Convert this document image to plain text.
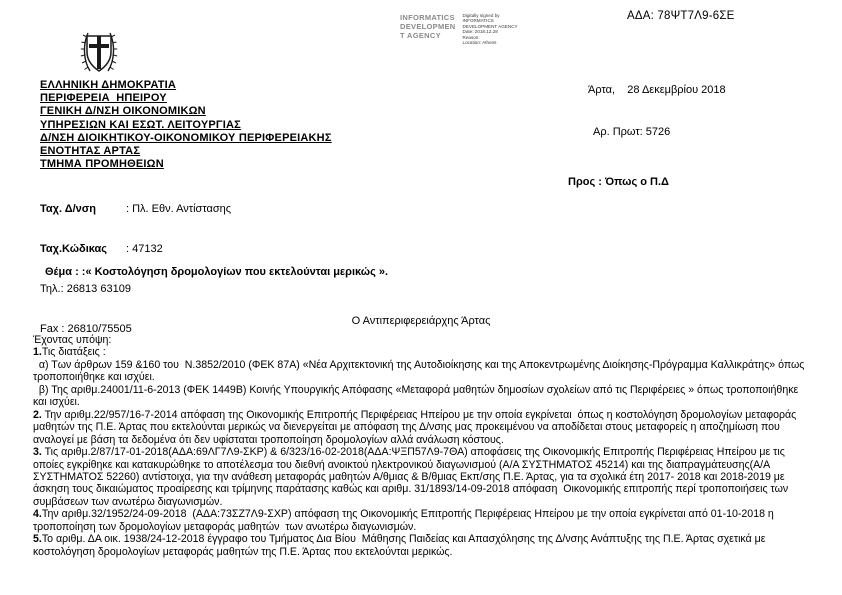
ΑΔΑ: 78ΨΤ7Λ9-6ΣΕ
INFORMATICS
DEVELOPMEN
T AGENCY
Digitally signed by
INFORMATICS
DEVELOPMENT AGENCY
Date: 2018.12.28
Reason:
Location: Athens

Άρτα,    28 Δεκεμβρίου 2018

Αρ. Πρωτ: 5726

ΕΛΛΗΝΙΚΗ ΔΗΜΟΚΡΑΤΙΑ
ΠΕΡΙΦΕΡΕΙΑ  ΗΠΕΙΡΟΥ
ΓΕΝΙΚΗ Δ/ΝΣΗ ΟΙΚΟΝΟΜΙΚΩΝ
ΥΠΗΡΕΣΙΩΝ ΚΑΙ ΕΣΩΤ. ΛΕΙΤΟΥΡΓΙΑΣ
Δ/ΝΣΗ ΔΙΟΙΚΗΤΙΚΟΥ-ΟΙΚΟΝΟΜΙΚΟΥ ΠΕΡΙΦΕΡΕΙΑΚΗΣ
ΕΝΟΤΗΤΑΣ ΑΡΤΑΣ
ΤΜΗΜΑ ΠΡΟΜΗΘΕΙΩΝ

Ταχ. Δ/νση	: Πλ. Εθν. Αντίστασης

Ταχ.Κώδικας : 47132

Τηλ.: 26813 63109

Fax : 26810/75505

Προς : Όπως ο Π.Δ
Θέμα : :« Κοστολόγηση δρομολογίων που εκτελούνται μερικώς ».
Ο Αντιπεριφερειάρχης Άρτας

Έχοντας υπόψη:

1.Τις διατάξεις :

α) Των άρθρων 159 &160 του  Ν.3852/2010 (ΦΕΚ 87Α) «Νέα Αρχιτεκτονική της Αυτοδιοίκησης και της Αποκεντρωμένης Διοίκησης-Πρόγραμμα Καλλικράτης» όπως τροποποιήθηκε και ισχύει.

β) Της αριθμ.24001/11-6-2013 (ΦΕΚ 1449Β) Κοινής Υπουργικής Απόφασης «Μεταφορά μαθητών δημοσίων σχολείων από τις Περιφέρειες » όπως τροποποιήθηκε και ισχύει.

2. Την αριθμ.22/957/16-7-2014 απόφαση της Οικονομικής Επιτροπής Περιφέρειας Ηπείρου με την οποία εγκρίνεται  όπως η κοστολόγηση δρομολογίων μεταφοράς μαθητών της Π.Ε. Άρτας που εκτελούνται μερικώς να διενεργείται με απόφαση της Δ/νσης μας προκειμένου να αποδίδεται στους μεταφορείς η αποζημίωση που αναλογεί με βάση τα δεδομένα ότι δεν υφίσταται τροποποίηση δρομολογίων αλλά ανάλωση κόστους.

3. Τις αριθμ.2/87/17-01-2018(ΑΔΑ:69ΛΓ7Λ9-ΣΚΡ) & 6/323/16-02-2018(ΑΔΑ:ΨΞΠ57Λ9-7ΘΑ) αποφάσεις της Οικονομικής Επιτροπής Περιφέρειας Ηπείρου με τις οποίες εγκρίθηκε και κατακυρώθηκε το αποτέλεσμα του διεθνή ανοικτού ηλεκτρονικού διαγωνισμού (Α/Α ΣΥΣΤΗΜΑΤΟΣ 45214) και της διαπραγμάτευσης(Α/Α ΣΥΣΤΗΜΑΤΟΣ 52260) αντίστοιχα, για την ανάθεση μεταφοράς μαθητών Α/θμιας & Β/θμιας Εκπ/σης Π.Ε. Άρτας, για τα σχολικά έτη 2017- 2018 και 2018-2019 με άσκηση τους δικαιώματος προαίρεσης και τρίμηνης παράτασης καθώς και αριθμ. 31/1893/14-09-2018 απόφαση  Οικονομικής επιτροπής περί τροποποιήσεις των συμβάσεων των ανωτέρω διαγωνισμών.

4.Την αριθμ.32/1952/24-09-2018  (ΑΔΑ:73ΣΖ7Λ9-ΣΧΡ) απόφαση της Οικονομικής Επιτροπής Περιφέρειας Ηπείρου με την οποία εγκρίνεται από 01-10-2018 η τροποποίηση των δρομολογίων μεταφοράς μαθητών  των ανωτέρω διαγωνισμών.

5.Το αριθμ. ΔΑ οικ. 1938/24-12-2018 έγγραφο του Τμήματος Δια Βίου  Μάθησης Παιδείας και Απασχόλησης της Δ/νσης Ανάπτυξης της Π.Ε. Άρτας σχετικά με κοστολόγηση δρομολογίων μεταφοράς μαθητών της Π.Ε. Άρτας που εκτελούνται μερικώς.
